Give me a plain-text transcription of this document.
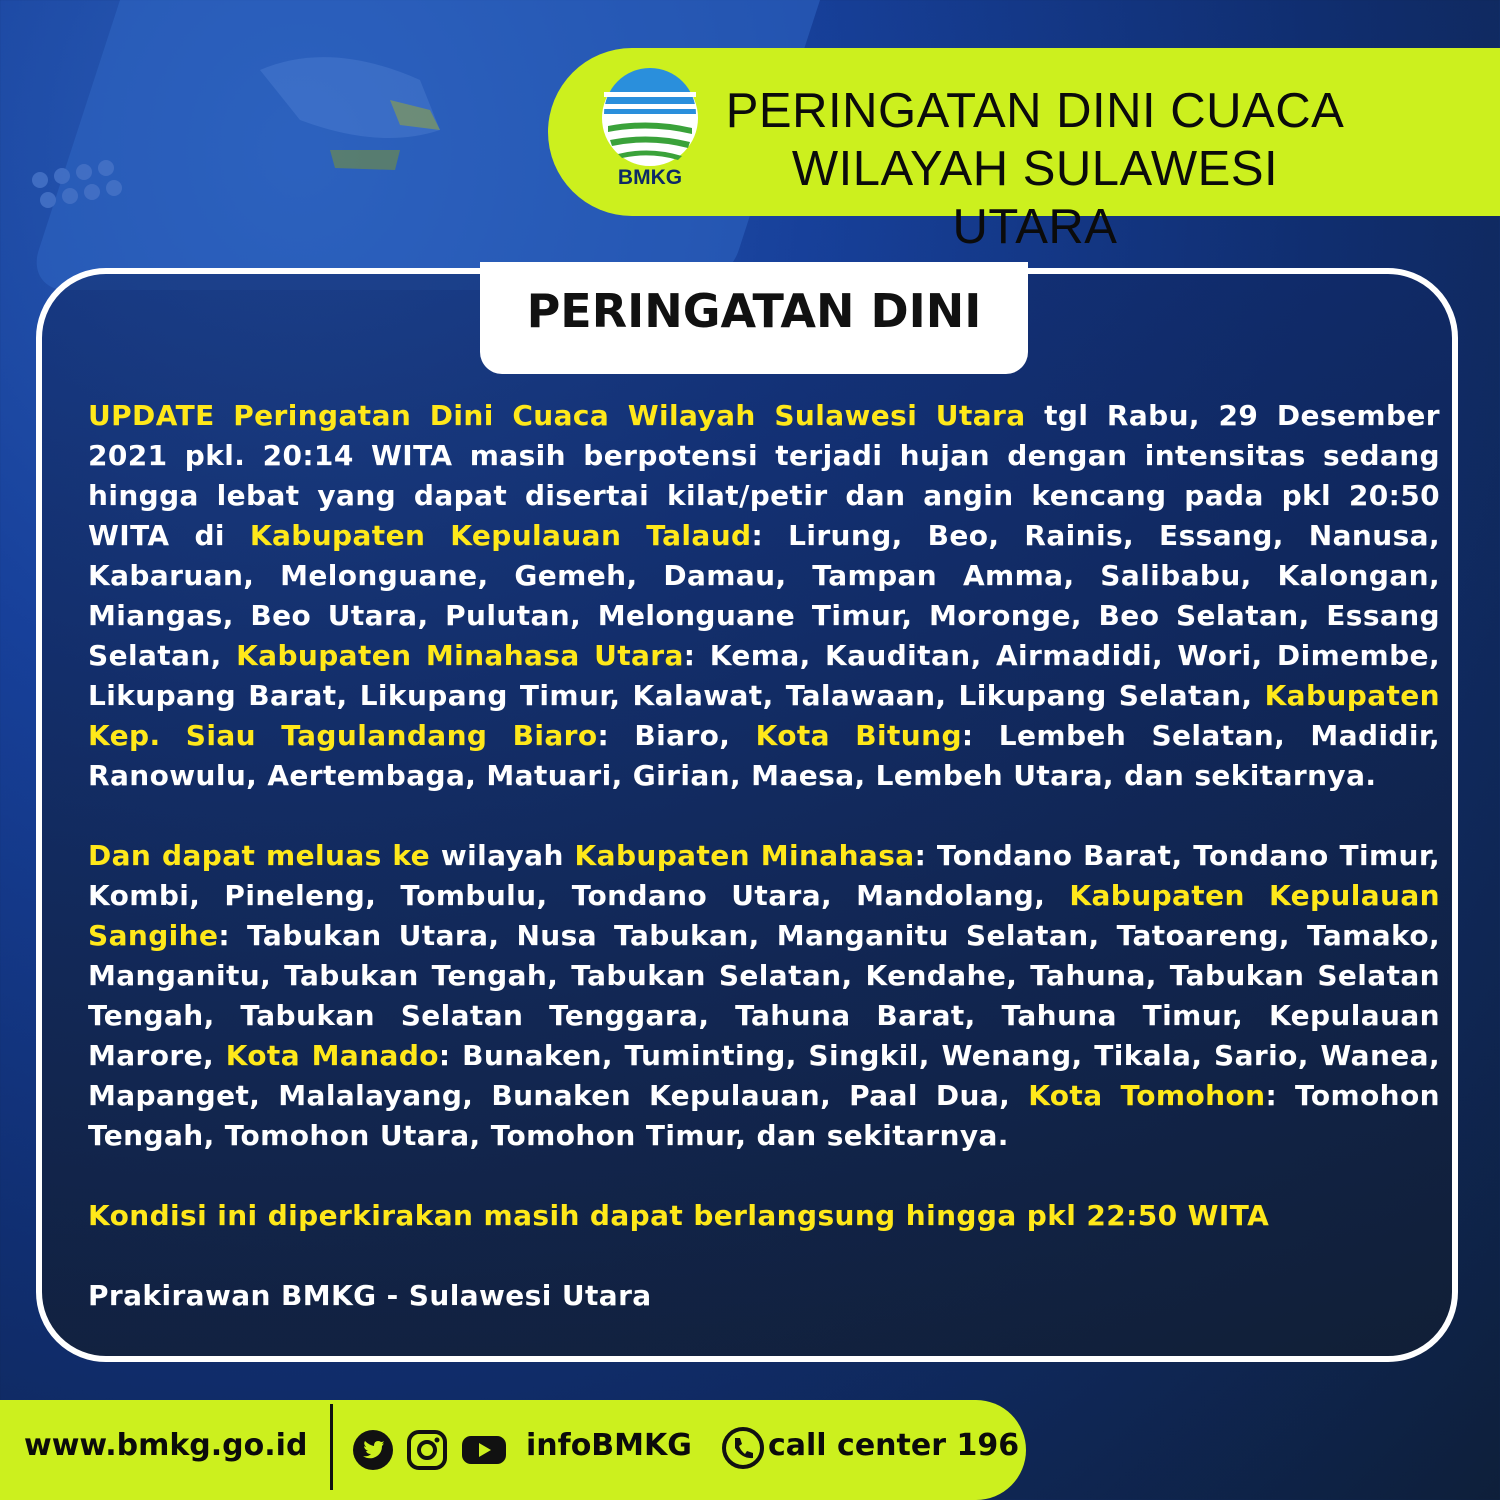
BMKG
PERINGATAN DINI CUACA
WILAYAH SULAWESI UTARA
PERINGATAN DINI

UPDATE Peringatan Dini Cuaca Wilayah Sulawesi Utara tgl Rabu, 29 Desember 2021 pkl. 20:14 WITA masih berpotensi terjadi hujan dengan intensitas sedang hingga lebat yang dapat disertai kilat/petir dan angin kencang pada pkl 20:50 WITA di Kabupaten Kepulauan Talaud: Lirung, Beo, Rainis, Essang, Nanusa, Kabaruan, Melonguane, Gemeh, Damau, Tampan Amma, Salibabu, Kalongan, Miangas, Beo Utara, Pulutan, Melonguane Timur, Moronge, Beo Selatan, Essang Selatan, Kabupaten Minahasa Utara: Kema, Kauditan, Airmadidi, Wori, Dimembe, Likupang Barat, Likupang Timur, Kalawat, Talawaan, Likupang Selatan, Kabupaten Kep. Siau Tagulandang Biaro: Biaro, Kota Bitung: Lembeh Selatan, Madidir, Ranowulu, Aertembaga, Matuari, Girian, Maesa, Lembeh Utara, dan sekitarnya.

Dan dapat meluas ke wilayah Kabupaten Minahasa: Tondano Barat, Tondano Timur, Kombi, Pineleng, Tombulu, Tondano Utara, Mandolang, Kabupaten Kepulauan Sangihe: Tabukan Utara, Nusa Tabukan, Manganitu Selatan, Tatoareng, Tamako, Manganitu, Tabukan Tengah, Tabukan Selatan, Kendahe, Tahuna, Tabukan Selatan Tengah, Tabukan Selatan Tenggara, Tahuna Barat, Tahuna Timur, Kepulauan Marore, Kota Manado: Bunaken, Tuminting, Singkil, Wenang, Tikala, Sario, Wanea, Mapanget, Malalayang, Bunaken Kepulauan, Paal Dua, Kota Tomohon: Tomohon Tengah, Tomohon Utara, Tomohon Timur, dan sekitarnya.

Kondisi ini diperkirakan masih dapat berlangsung hingga pkl 22:50 WITA

Prakirawan BMKG - Sulawesi Utara

www.bmkg.go.id	infoBMKG	call center 196
